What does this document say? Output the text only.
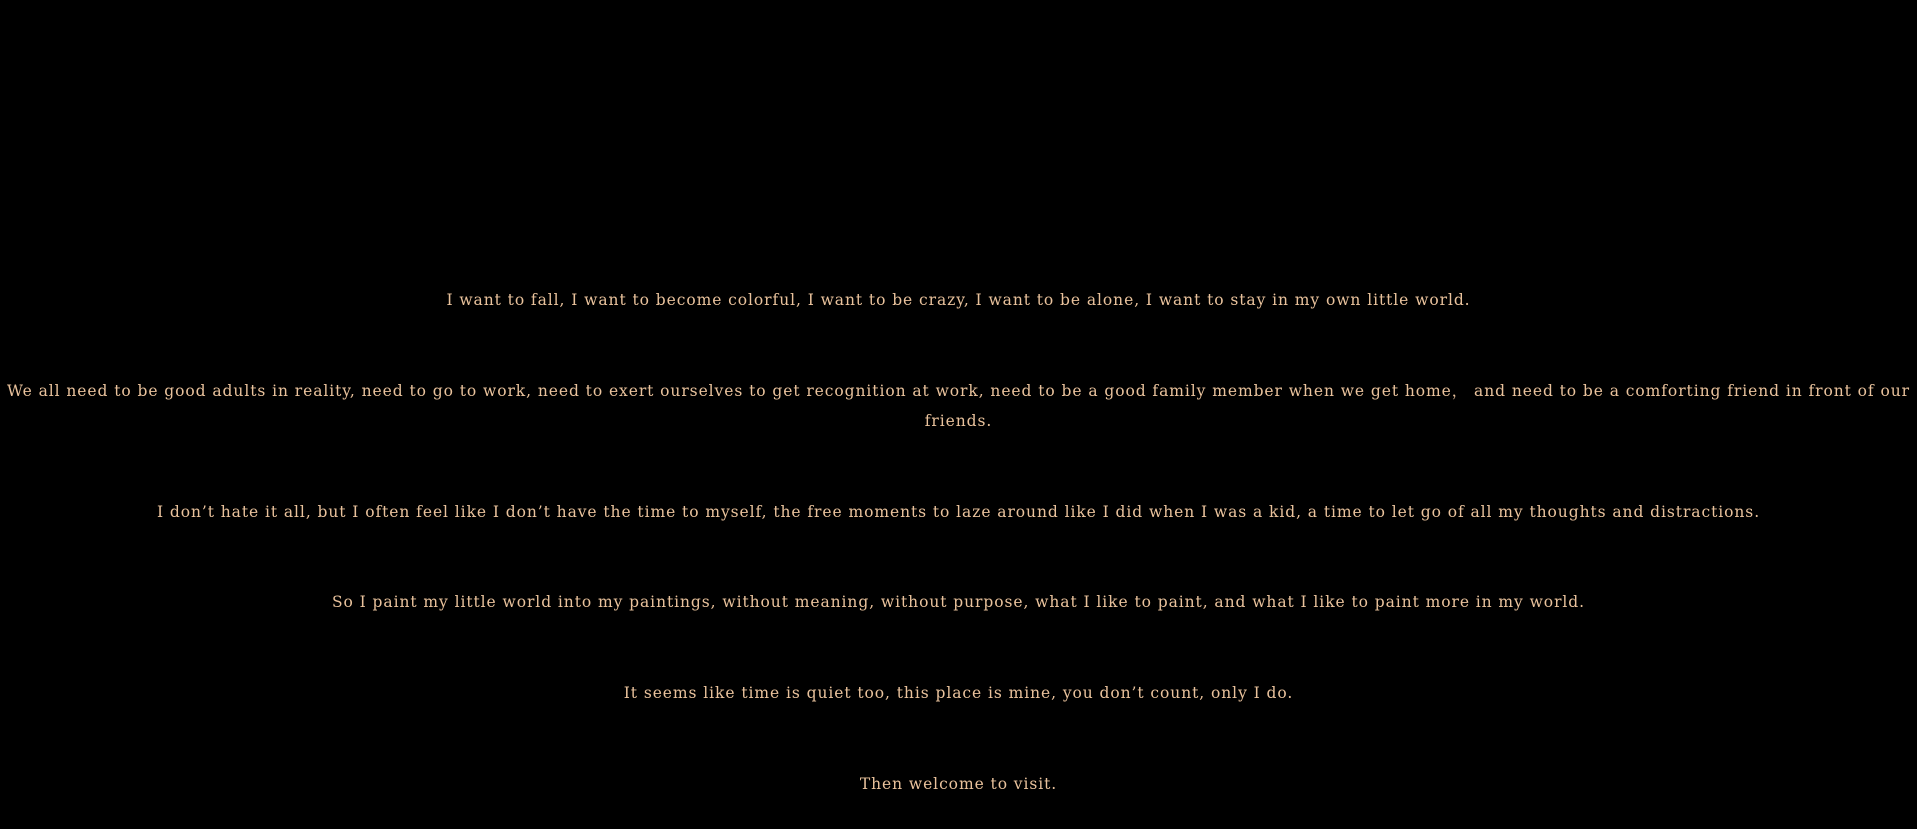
I want to fall, I want to become colorful, I want to be crazy, I want to be alone, I want to stay in my own little world.

We all need to be good adults in reality, need to go to work, need to exert ourselves to get recognition at work, need to be a good family member when we get home， and need to be a comforting friend in front of our friends.

I don’t hate it all, but I often feel like I don’t have the time to myself, the free moments to laze around like I did when I was a kid, a time to let go of all my thoughts and distractions.

So I paint my little world into my paintings, without meaning, without purpose, what I like to paint, and what I like to paint more in my world.

It seems like time is quiet too, this place is mine, you don’t count, only I do.

Then welcome to visit.
